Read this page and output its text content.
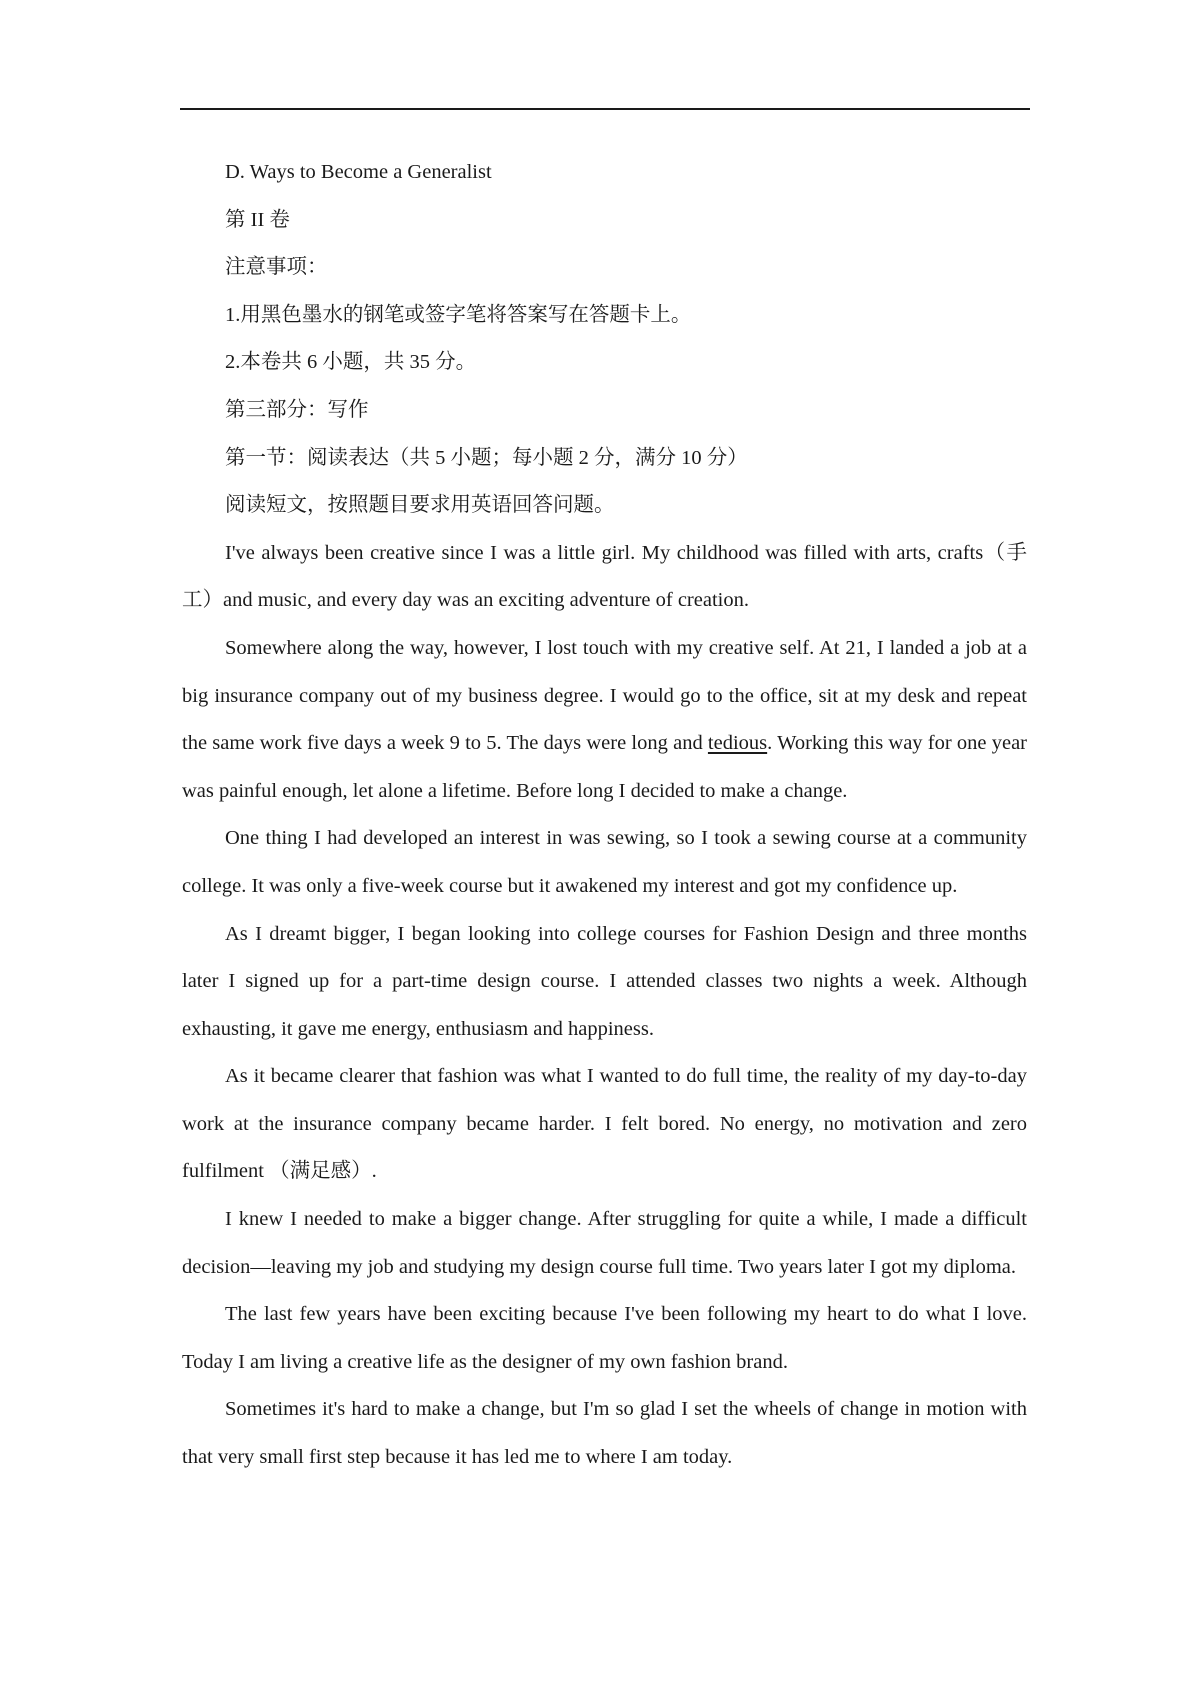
D. Ways to Become a Generalist

第 II 卷

注意事项：

1.用黑色墨水的钢笔或签字笔将答案写在答题卡上。

2.本卷共 6 小题，共 35 分。

第三部分：写作

第一节：阅读表达（共 5 小题；每小题 2 分，满分 10 分）

阅读短文，按照题目要求用英语回答问题。

I've always been creative since I was a little girl. My childhood was filled with arts, crafts（手工）and music, and every day was an exciting adventure of creation.

Somewhere along the way, however, I lost touch with my creative self. At 21, I landed a job at a big insurance company out of my business degree. I would go to the office, sit at my desk and repeat the same work five days a week 9 to 5. The days were long and tedious. Working this way for one year was painful enough, let alone a lifetime. Before long I decided to make a change.

One thing I had developed an interest in was sewing, so I took a sewing course at a community college. It was only a five-week course but it awakened my interest and got my confidence up.

As I dreamt bigger, I began looking into college courses for Fashion Design and three months later I signed up for a part-time design course. I attended classes two nights a week. Although exhausting, it gave me energy, enthusiasm and happiness.

As it became clearer that fashion was what I wanted to do full time, the reality of my day-to-day work at the insurance company became harder. I felt bored. No energy, no motivation and zero fulfilment （满足感）.

I knew I needed to make a bigger change. After struggling for quite a while, I made a difficult decision—leaving my job and studying my design course full time. Two years later I got my diploma.

The last few years have been exciting because I've been following my heart to do what I love. Today I am living a creative life as the designer of my own fashion brand.

Sometimes it's hard to make a change, but I'm so glad I set the wheels of change in motion with that very small first step because it has led me to where I am today.
